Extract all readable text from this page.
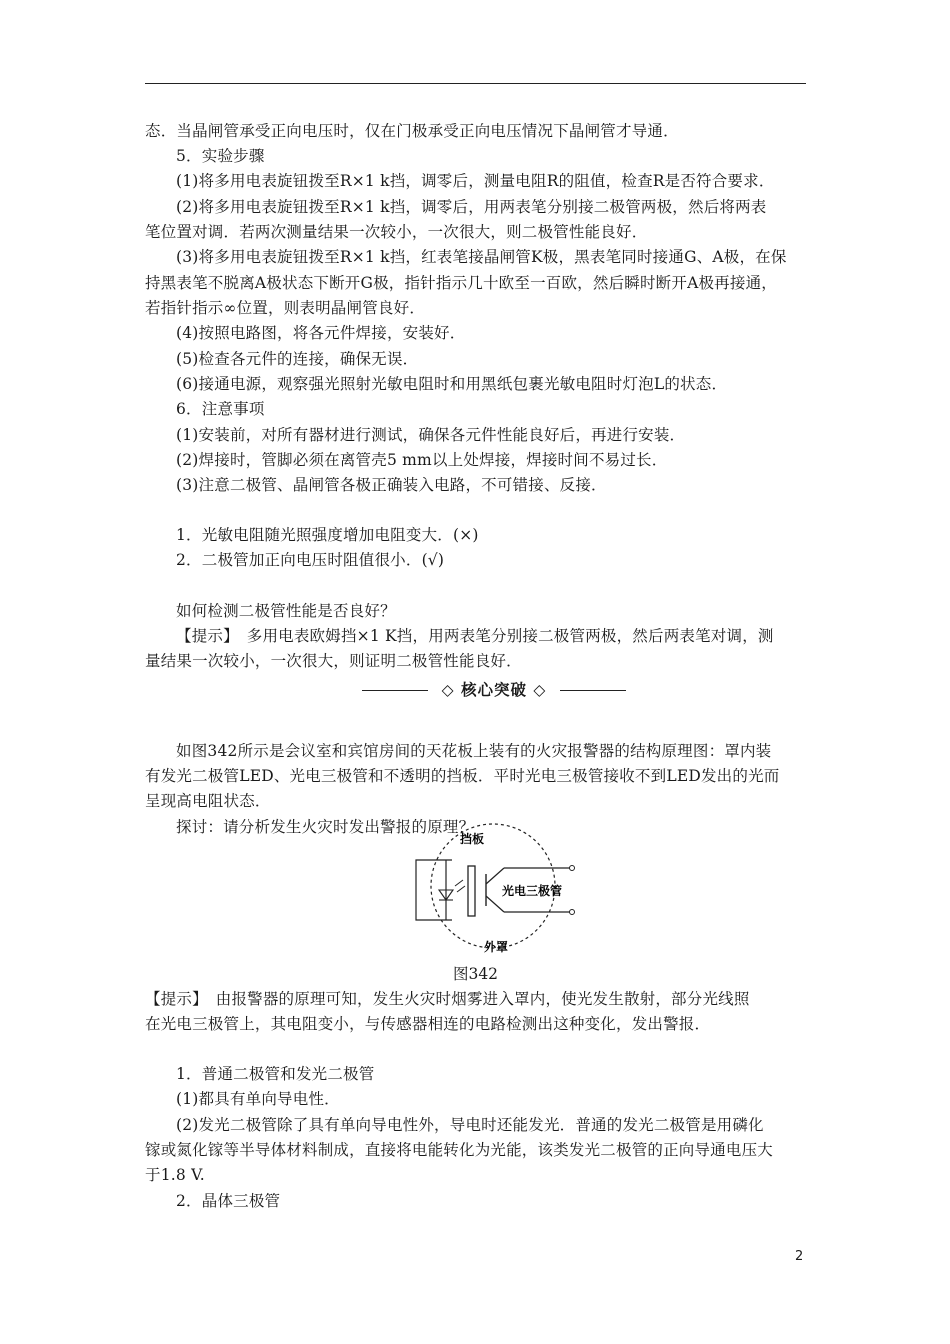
态．当晶闸管承受正向电压时，仅在门极承受正向电压情况下晶闸管才导通．
5．实验步骤
(1)将多用电表旋钮拨至R×1 k挡，调零后，测量电阻R的阻值，检查R是否符合要求．
(2)将多用电表旋钮拨至R×1 k挡，调零后，用两表笔分别接二极管两极，然后将两表
笔位置对调．若两次测量结果一次较小，一次很大，则二极管性能良好．
(3)将多用电表旋钮拨至R×1 k挡，红表笔接晶闸管K极，黑表笔同时接通G、A极，在保
持黑表笔不脱离A极状态下断开G极，指针指示几十欧至一百欧，然后瞬时断开A极再接通，
若指针指示∞位置，则表明晶闸管良好．
(4)按照电路图，将各元件焊接，安装好．
(5)检查各元件的连接，确保无误．
(6)接通电源，观察强光照射光敏电阻时和用黑纸包裹光敏电阻时灯泡L的状态．
6．注意事项
(1)安装前，对所有器材进行测试，确保各元件性能良好后，再进行安装．
(2)焊接时，管脚必须在离管壳5 mm以上处焊接，焊接时间不易过长．
(3)注意二极管、晶闸管各极正确装入电路，不可错接、反接．
1．光敏电阻随光照强度增加电阻变大．(×)
2．二极管加正向电压时阻值很小．(√)
如何检测二极管性能是否良好？
【提示】　多用电表欧姆挡×1 K挡，用两表笔分别接二极管两极，然后两表笔对调，测
量结果一次较小，一次很大，则证明二极管性能良好．
◇ 核心突破 ◇
如图342所示是会议室和宾馆房间的天花板上装有的火灾报警器的结构原理图：罩内装
有发光二极管LED、光电三极管和不透明的挡板．平时光电三极管接收不到LED发出的光而
呈现高电阻状态．
探讨：请分析发生火灾时发出警报的原理？
挡板
光电三极管
外罩
图342
【提示】　由报警器的原理可知，发生火灾时烟雾进入罩内，使光发生散射，部分光线照
在光电三极管上，其电阻变小，与传感器相连的电路检测出这种变化，发出警报．
1．普通二极管和发光二极管
(1)都具有单向导电性．
(2)发光二极管除了具有单向导电性外，导电时还能发光．普通的发光二极管是用磷化
镓或氮化镓等半导体材料制成，直接将电能转化为光能，该类发光二极管的正向导通电压大
于1.8 V.
2．晶体三极管
2
